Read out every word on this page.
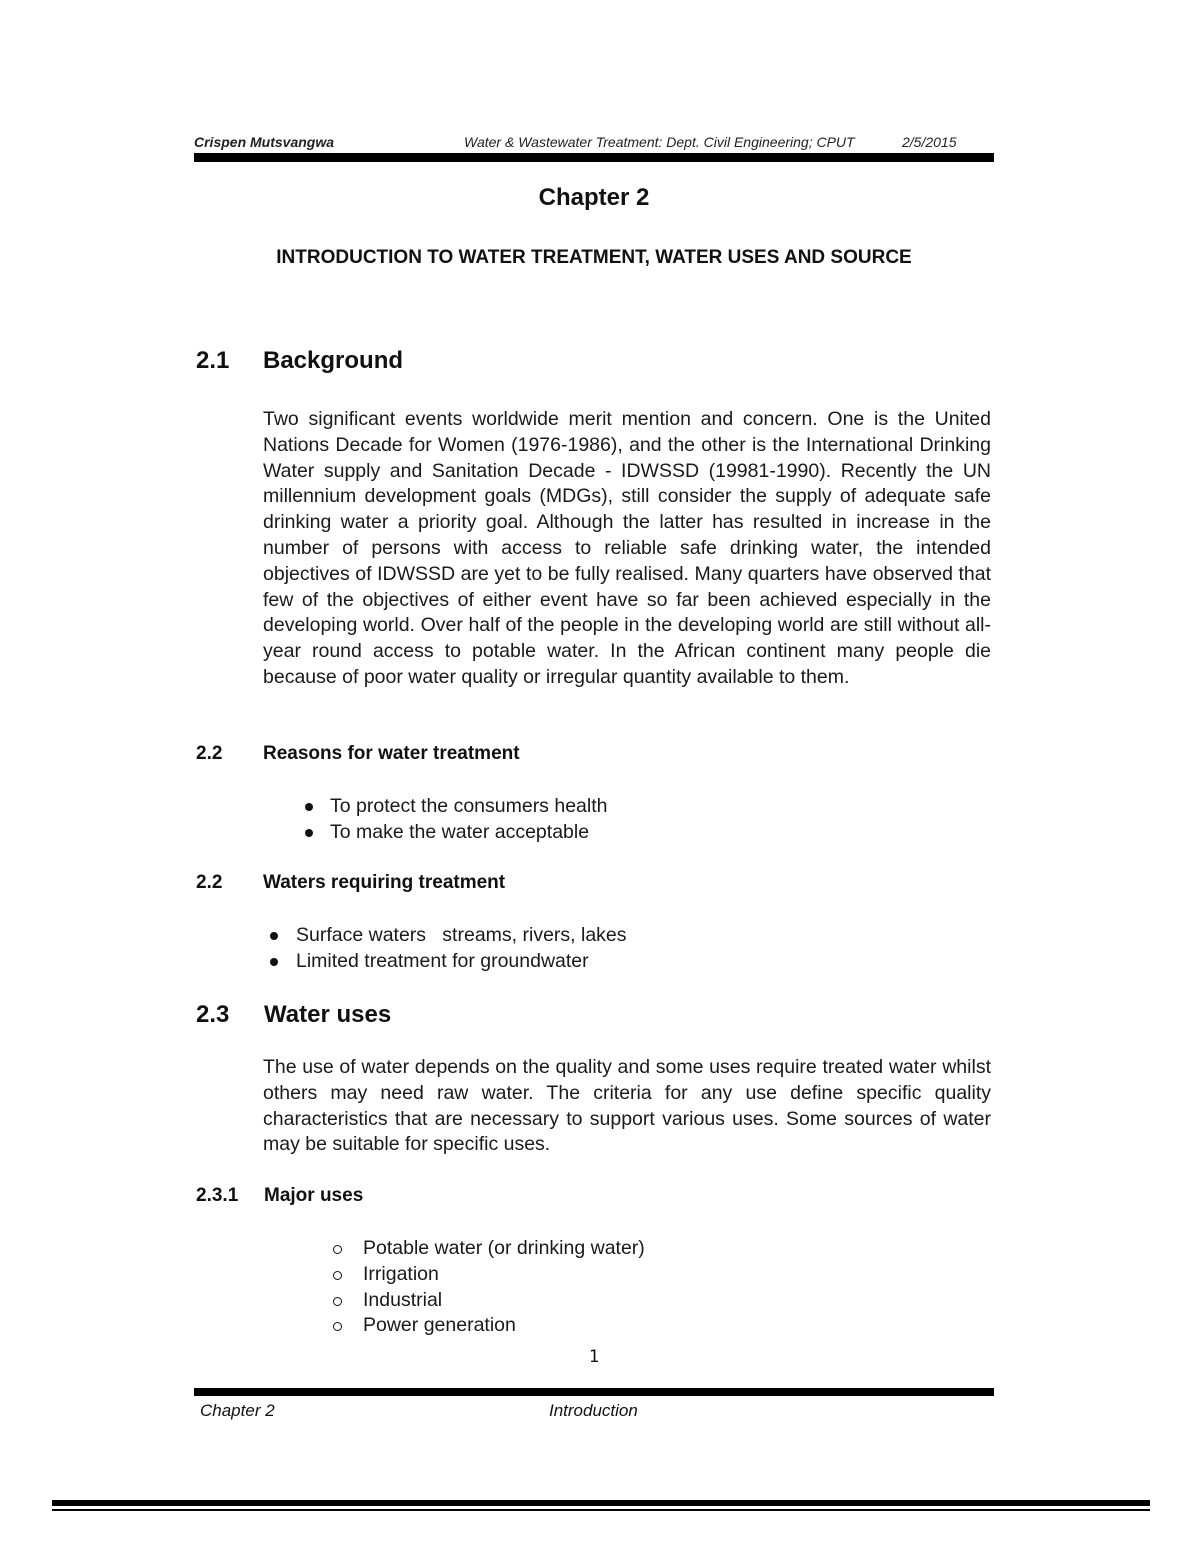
Crispen Mutsvangwa	Water & Wastewater Treatment: Dept. Civil Engineering; CPUT	2/5/2015
Chapter 2
INTRODUCTION TO WATER TREATMENT, WATER USES AND SOURCE
2.1 Background
Two significant events worldwide merit mention and concern. One is the United Nations Decade for Women (1976-1986), and the other is the International Drinking Water supply and Sanitation Decade - IDWSSD (19981-1990). Recently the UN millennium development goals (MDGs), still consider the supply of adequate safe drinking water a priority goal. Although the latter has resulted in increase in the number of persons with access to reliable safe drinking water, the intended objectives of IDWSSD are yet to be fully realised. Many quarters have observed that few of the objectives of either event have so far been achieved especially in the developing world. Over half of the people in the developing world are still without all-year round access to potable water. In the African continent many people die because of poor water quality or irregular quantity available to them.
2.2 Reasons for water treatment
To protect the consumers health
To make the water acceptable
2.2 Waters requiring treatment
Surface waters   streams, rivers, lakes
Limited treatment for groundwater
2.3 Water uses
The use of water depends on the quality and some uses require treated water whilst others may need raw water. The criteria for any use define specific quality characteristics that are necessary to support various uses. Some sources of water may be suitable for specific uses.
2.3.1 Major uses
Potable water (or drinking water)
Irrigation
Industrial
Power generation
1
Chapter 2	Introduction
